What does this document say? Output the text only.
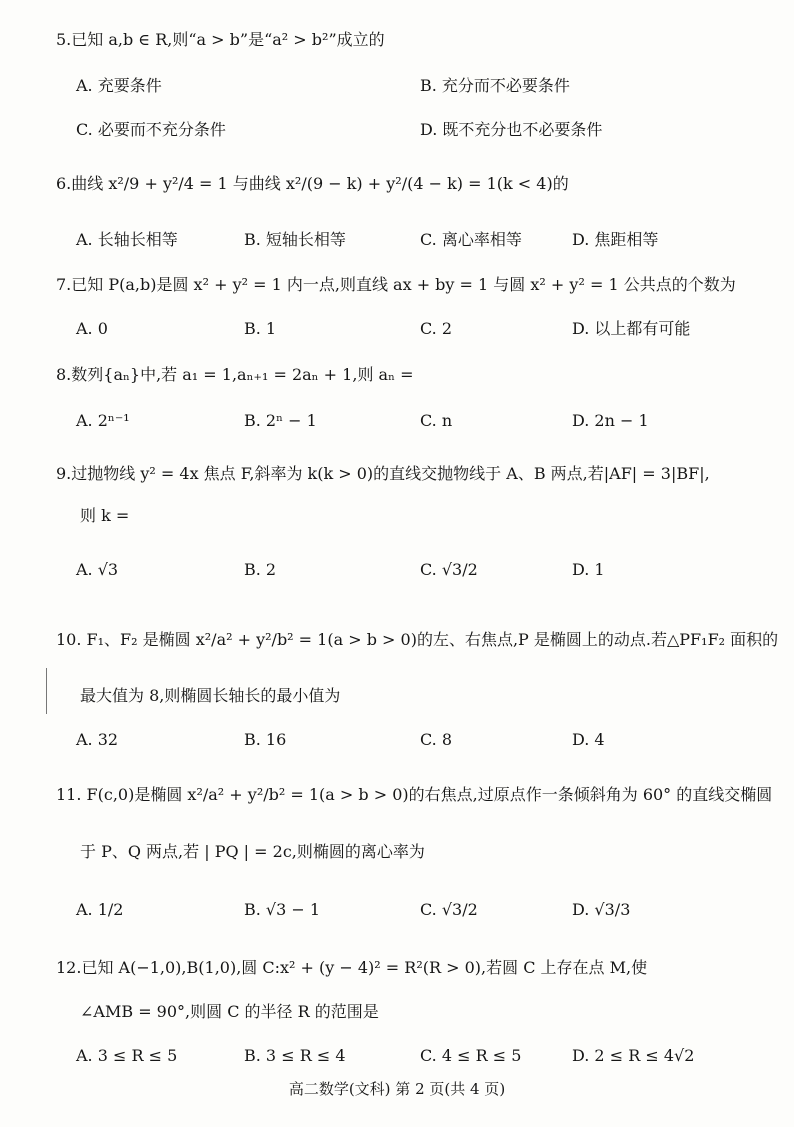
5.已知 a,b ∈ R,则“a > b”是“a² > b²”成立的
A. 充要条件	B. 充分而不必要条件
C. 必要而不充分条件	D. 既不充分也不必要条件
6.曲线 x²/9 + y²/4 = 1 与曲线 x²/(9 − k) + y²/(4 − k) = 1(k < 4)的
A. 长轴长相等	B. 短轴长相等	C. 离心率相等	D. 焦距相等
7.已知 P(a,b)是圆 x² + y² = 1 内一点,则直线 ax + by = 1 与圆 x² + y² = 1 公共点的个数为
A. 0	B. 1	C. 2	D. 以上都有可能
8.数列{aₙ}中,若 a₁ = 1,aₙ₊₁ = 2aₙ + 1,则 aₙ =
A. 2ⁿ⁻¹	B. 2ⁿ − 1	C. n	D. 2n − 1
9.过抛物线 y² = 4x 焦点 F,斜率为 k(k > 0)的直线交抛物线于 A、B 两点,若|AF| = 3|BF|,
则 k =
A. √3	B. 2	C. √3/2	D. 1
10. F₁、F₂ 是椭圆 x²/a² + y²/b² = 1(a > b > 0)的左、右焦点,P 是椭圆上的动点.若△PF₁F₂ 面积的
最大值为 8,则椭圆长轴长的最小值为
A. 32	B. 16	C. 8	D. 4
11. F(c,0)是椭圆 x²/a² + y²/b² = 1(a > b > 0)的右焦点,过原点作一条倾斜角为 60° 的直线交椭圆
于 P、Q 两点,若 | PQ | = 2c,则椭圆的离心率为
A. 1/2	B. √3 − 1	C. √3/2	D. √3/3
12.已知 A(−1,0),B(1,0),圆 C:x² + (y − 4)² = R²(R > 0),若圆 C 上存在点 M,使
∠AMB = 90°,则圆 C 的半径 R 的范围是
A. 3 ≤ R ≤ 5	B. 3 ≤ R ≤ 4	C. 4 ≤ R ≤ 5	D. 2 ≤ R ≤ 4√2
高二数学(文科) 第 2 页(共 4 页)
